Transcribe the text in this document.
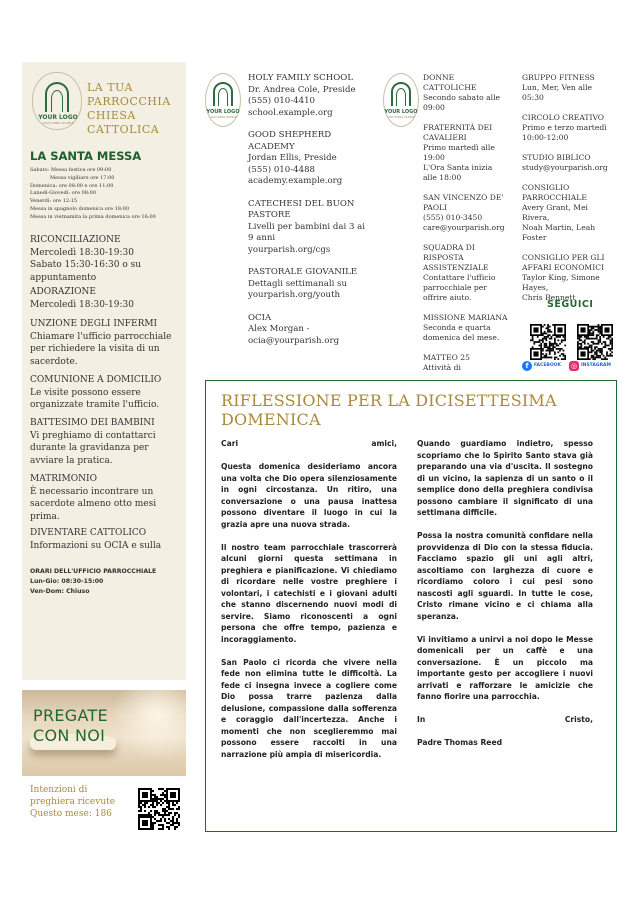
YOUR LOGO
LOGO SYMBOL EXAMPLE
LA TUA
PARROCCHIA
CHIESA
CATTOLICA
LA SANTA MESSA
Sabato: Messa festiva ore 09:00
Messa vigiliare ore 17:00
Domenica: ore 08:00 e ore 11:00
Lunedì-Giovedì: ore 08:00
Venerdì: ore 12:15
Messa in spagnolo domenica ore 18:00
Messa in vietnamita la prima domenica ore 16:00
RICONCILIAZIONE
Mercoledì 18:30-19:30
Sabato 15:30-16:30 o su
appuntamento
ADORAZIONE
Mercoledì 18:30-19:30
UNZIONE DEGLI INFERMI
Chiamare l'ufficio parrocchiale
per richiedere la visita di un
sacerdote.
COMUNIONE A DOMICILIO
Le visite possono essere
organizzate tramite l'ufficio.
BATTESIMO DEI BAMBINI
Vi preghiamo di contattarci
durante la gravidanza per
avviare la pratica.
MATRIMONIO
È necessario incontrare un
sacerdote almeno otto mesi
prima.
DIVENTARE CATTOLICO
Informazioni su OCIA e sulla
ORARI DELL'UFFICIO PARROCCHIALE
Lun-Gio: 08:30-15:00
Ven-Dom: Chiuso
PREGATE
CON NOI
Intenzioni di
preghiera ricevute
Questo mese: 186
YOUR LOGO
LOGO SYMBOL EXAMPLE
HOLY FAMILY SCHOOL
Dr. Andrea Cole, Preside
(555) 010-4410
school.example.org
GOOD SHEPHERD
ACADEMY
Jordan Ellis, Preside
(555) 010-4488
academy.example.org
CATECHESI DEL BUON
PASTORE
Livelli per bambini dai 3 ai
9 anni
yourparish.org/cgs
PASTORALE GIOVANILE
Dettagli settimanali su
yourparish.org/youth
OCIA
Alex Morgan -
ocia@yourparish.org
YOUR LOGO
LOGO SYMBOL EXAMPLE
DONNE
CATTOLICHE
Secondo sabato alle
09:00
FRATERNITÀ DEI
CAVALIERI
Primo martedì alle
19:00
L'Ora Santa inizia
alle 18:00
SAN VINCENZO DE'
PAOLI
(555) 010-3450
care@yourparish.org
SQUADRA DI
RISPOSTA
ASSISTENZIALE
Contattare l'ufficio
parrocchiale per
offrire aiuto.
MISSIONE MARIANA
Seconda e quarta
domenica del mese.
MATTEO 25
Attività di
GRUPPO FITNESS
Lun, Mer, Ven alle
05:30
CIRCOLO CREATIVO
Primo e terzo martedì
10:00-12:00
STUDIO BIBLICO
study@yourparish.org
CONSIGLIO
PARROCCHIALE
Avery Grant, Mei
Rivera,
Noah Martin, Leah
Foster
CONSIGLIO PER GLI
AFFARI ECONOMICI
Taylor King, Simone
Hayes,
Chris Bennett
SEGUICI
f	FACEBOOK ◎ INSTAGRAM
RIFLESSIONE PER LA DICISETTESIMA DOMENICA

Cari	amici,

Questa domenica desideriamo ancora una volta che Dio opera silenziosamente in ogni circostanza. Un ritiro, una conversazione o una pausa inattesa possono diventare il luogo in cui la grazia apre una nuova strada.

Il nostro team parrocchiale trascorrerà alcuni giorni questa settimana in preghiera e pianificazione. Vi chiediamo di ricordare nelle vostre preghiere i volontari, i catechisti e i giovani adulti che stanno discernendo nuovi modi di servire. Siamo riconoscenti a ogni persona che offre tempo, pazienza e incoraggiamento.

San Paolo ci ricorda che vivere nella fede non elimina tutte le difficoltà. La fede ci insegna invece a cogliere come Dio possa trarre pazienza dalla delusione, compassione dalla sofferenza e coraggio dall'incertezza. Anche i momenti che non sceglieremmo mai possono essere raccolti in una narrazione più ampia di misericordia.

Quando guardiamo indietro, spesso scopriamo che lo Spirito Santo stava già preparando una via d'uscita. Il sostegno di un vicino, la sapienza di un santo o il semplice dono della preghiera condivisa possono cambiare il significato di una settimana difficile.

Possa la nostra comunità confidare nella provvidenza di Dio con la stessa fiducia. Facciamo spazio gli uni agli altri, ascoltiamo con larghezza di cuore e ricordiamo coloro i cui pesi sono nascosti agli sguardi. In tutte le cose, Cristo rimane vicino e ci chiama alla speranza.

Vi invitiamo a unirvi a noi dopo le Messe domenicali per un caffè e una conversazione. È un piccolo ma importante gesto per accogliere i nuovi arrivati e rafforzare le amicizie che fanno fiorire una parrocchia.

In	Cristo,

Padre Thomas Reed
